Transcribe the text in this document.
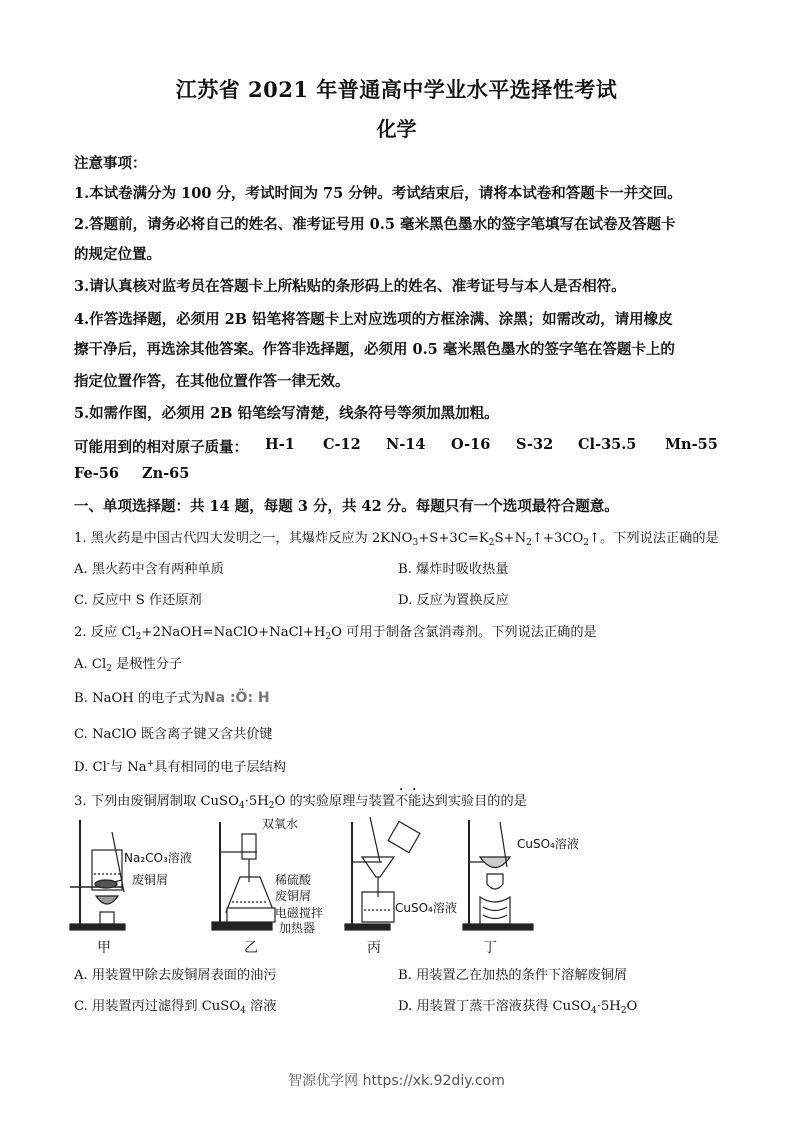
江苏省 2021 年普通高中学业水平选择性考试
化学
注意事项：
1.本试卷满分为 100 分，考试时间为 75 分钟。考试结束后，请将本试卷和答题卡一并交回。
2.答题前，请务必将自己的姓名、准考证号用 0.5 毫米黑色墨水的签字笔填写在试卷及答题卡
的规定位置。
3.请认真核对监考员在答题卡上所粘贴的条形码上的姓名、准考证号与本人是否相符。
4.作答选择题，必须用 2B 铅笔将答题卡上对应选项的方框涂满、涂黑；如需改动，请用橡皮
擦干净后，再选涂其他答案。作答非选择题，必须用 0.5 毫米黑色墨水的签字笔在答题卡上的
指定位置作答，在其他位置作答一律无效。
5.如需作图，必须用 2B 铅笔绘写清楚，线条符号等须加黑加粗。
可能用到的相对原子质量： H-1 C-12 N-14 O-16 S-32 Cl-35.5 Mn-55
Fe-56 Zn-65
一、单项选择题：共 14 题，每题 3 分，共 42 分。每题只有一个选项最符合题意。
1. 黑火药是中国古代四大发明之一，其爆炸反应为 $2KNO_3+S+3C=K_2S+N_2↑+3CO_2↑$。下列说法正确的是
A. 黑火药中含有两种单质	B. 爆炸时吸收热量
C. 反应中 S 作还原剂	D. 反应为置换反应
2. 反应 $Cl_2+2NaOH=NaClO+NaCl+H_2O$ 可用于制备含氯消毒剂。下列说法正确的是
A. $Cl_2$ 是极性分子
B. NaOH 的电子式为Na :Ö: H
C. NaClO 既含离子键又含共价键
D. Cl-与 Na+具有相同的电子层结构
3. 下列由废铜屑制取 $CuSO_4\cdot 5H_2O$ 的实验原理与装置不能达到实验目的的是
Na₂CO₃溶液
废铜屑
甲
双氧水
稀硫酸
废铜屑
电磁搅拌
加热器
乙
CuSO₄溶液
丙
CuSO₄溶液
丁
A. 用装置甲除去废铜屑表面的油污	B. 用装置乙在加热的条件下溶解废铜屑
C. 用装置丙过滤得到 CuSO$_4$ 溶液	D. 用装置丁蒸干溶液获得 $CuSO_4\cdot 5H_2O$
智源优学网 https://xk.92diy.com
